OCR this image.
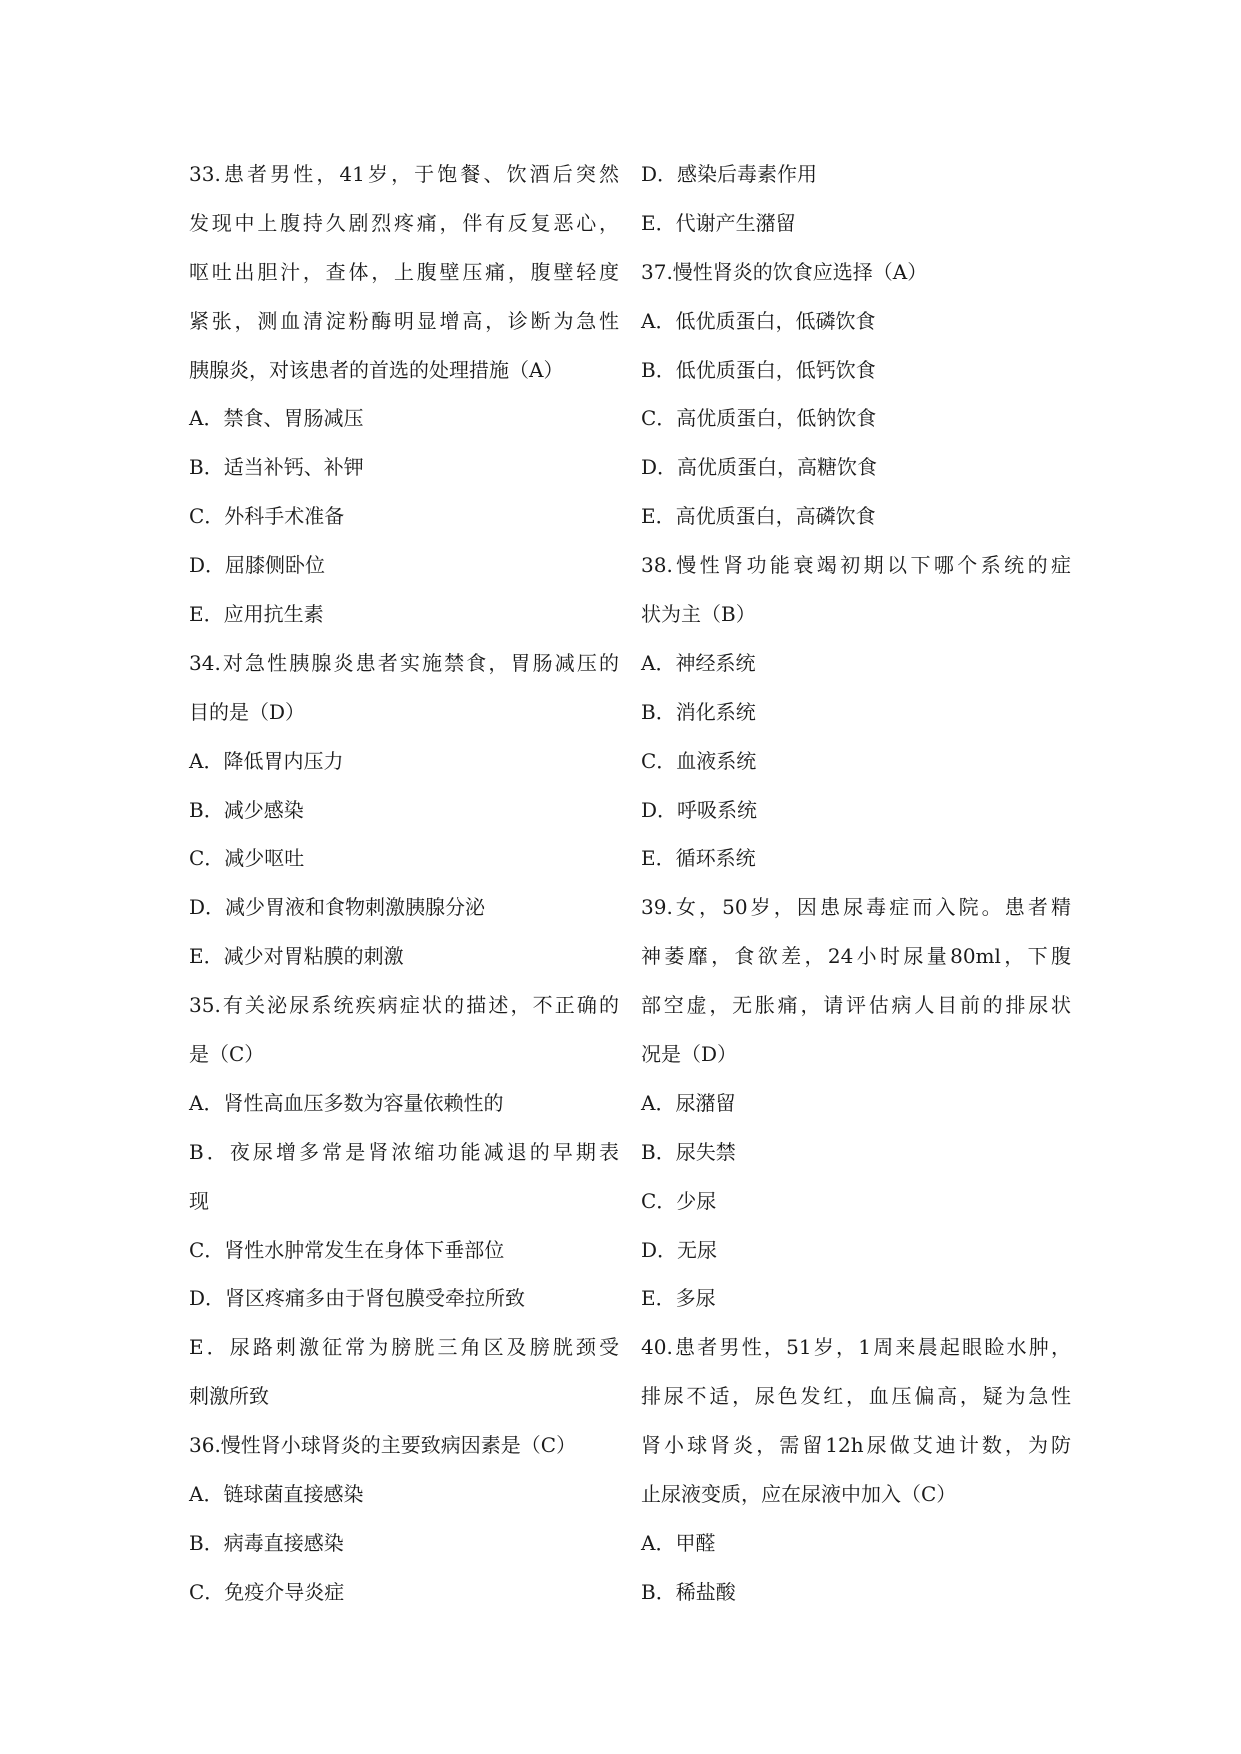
33.患者男性，41岁，于饱餐、饮酒后突然
发现中上腹持久剧烈疼痛，伴有反复恶心，
呕吐出胆汁，查体，上腹壁压痛，腹壁轻度
紧张，测血清淀粉酶明显增高，诊断为急性
胰腺炎，对该患者的首选的处理措施（A）
A．禁食、胃肠减压
B．适当补钙、补钾
C．外科手术准备
D．屈膝侧卧位
E．应用抗生素
34.对急性胰腺炎患者实施禁食，胃肠减压的
目的是（D）
A．降低胃内压力
B．减少感染
C．减少呕吐
D．减少胃液和食物刺激胰腺分泌
E．减少对胃粘膜的刺激
35.有关泌尿系统疾病症状的描述，不正确的
是（C）
A．肾性高血压多数为容量依赖性的
B．夜尿增多常是肾浓缩功能减退的早期表
现
C．肾性水肿常发生在身体下垂部位
D．肾区疼痛多由于肾包膜受牵拉所致
E．尿路刺激征常为膀胱三角区及膀胱颈受
刺激所致
36.慢性肾小球肾炎的主要致病因素是（C）
A．链球菌直接感染
B．病毒直接感染
C．免疫介导炎症
D．感染后毒素作用
E．代谢产生潴留
37.慢性肾炎的饮食应选择（A）
A．低优质蛋白，低磷饮食
B．低优质蛋白，低钙饮食
C．高优质蛋白，低钠饮食
D．高优质蛋白，高糖饮食
E．高优质蛋白，高磷饮食
38.慢性肾功能衰竭初期以下哪个系统的症
状为主（B）
A．神经系统
B．消化系统
C．血液系统
D．呼吸系统
E．循环系统
39.女，50岁，因患尿毒症而入院。患者精
神萎靡，食欲差，24小时尿量80ml，下腹
部空虚，无胀痛，请评估病人目前的排尿状
况是（D）
A．尿潴留
B．尿失禁
C．少尿
D．无尿
E．多尿
40.患者男性，51岁，1周来晨起眼睑水肿，
排尿不适，尿色发红，血压偏高，疑为急性
肾小球肾炎，需留12h尿做艾迪计数，为防
止尿液变质，应在尿液中加入（C）
A．甲醛
B．稀盐酸
